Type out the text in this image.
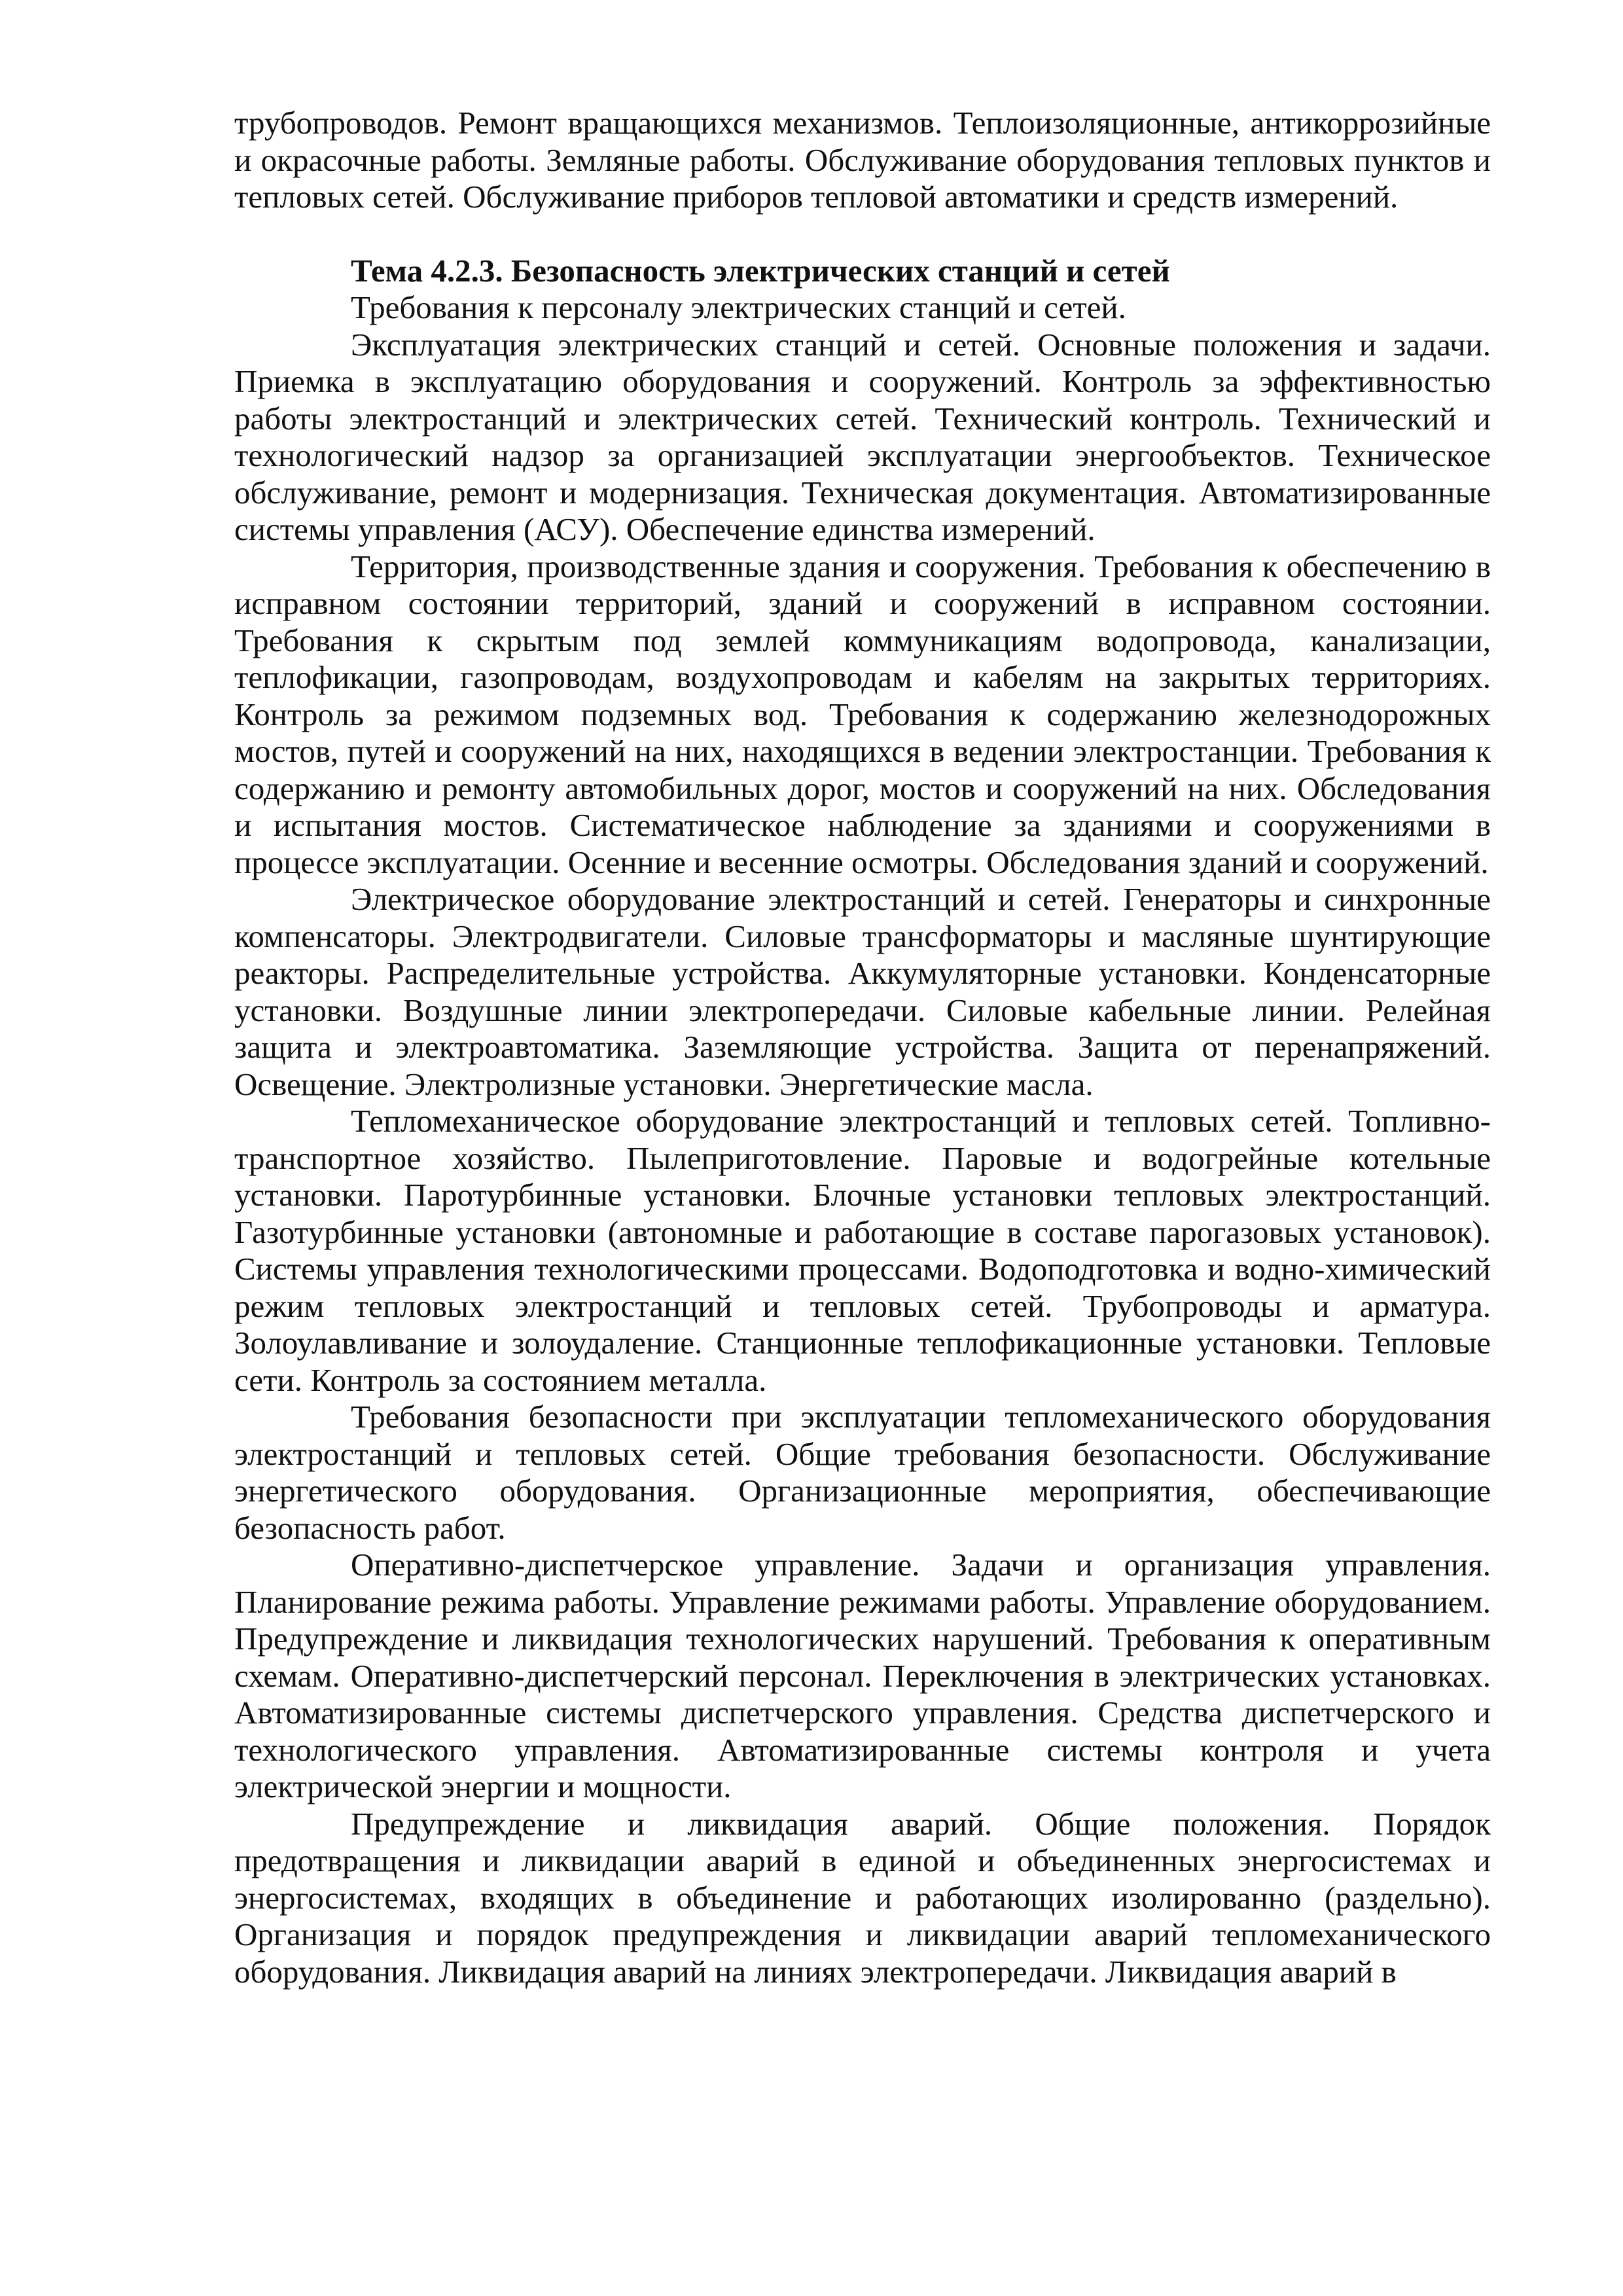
трубопроводов. Ремонт вращающихся механизмов. Теплоизоляционные, антикоррозийные и окрасочные работы. Земляные работы. Обслуживание оборудования тепловых пунктов и тепловых сетей. Обслуживание приборов тепловой автоматики и средств измерений.

Тема 4.2.3. Безопасность электрических станций и сетей

Требования к персоналу электрических станций и сетей.

Эксплуатация электрических станций и сетей. Основные положения и задачи. Приемка в эксплуатацию оборудования и сооружений. Контроль за эффективностью работы электростанций и электрических сетей. Технический контроль. Технический и технологический надзор за организацией эксплуатации энергообъектов. Техническое обслуживание, ремонт и модернизация. Техническая документация. Автоматизированные системы управления (АСУ). Обеспечение единства измерений.

Территория, производственные здания и сооружения. Требования к обеспечению в исправном состоянии территорий, зданий и сооружений в исправном состоянии. Требования к скрытым под землей коммуникациям водопровода, канализации, теплофикации, газопроводам, воздухопроводам и кабелям на закрытых территориях. Контроль за режимом подземных вод. Требования к содержанию железнодорожных мостов, путей и сооружений на них, находящихся в ведении электростанции. Требования к содержанию и ремонту автомобильных дорог, мостов и сооружений на них. Обследования и испытания мостов. Систематическое наблюдение за зданиями и сооружениями в процессе эксплуатации. Осенние и весенние осмотры. Обследования зданий и сооружений.

Электрическое оборудование электростанций и сетей. Генераторы и синхронные компенсаторы. Электродвигатели. Силовые трансформаторы и масляные шунтирующие реакторы. Распределительные устройства. Аккумуляторные установки. Конденсаторные установки. Воздушные линии электропередачи. Силовые кабельные линии. Релейная защита и электроавтоматика. Заземляющие устройства. Защита от перенапряжений. Освещение. Электролизные установки. Энергетические масла.

Тепломеханическое оборудование электростанций и тепловых сетей. Топливно-транспортное хозяйство. Пылеприготовление. Паровые и водогрейные котельные установки. Паротурбинные установки. Блочные установки тепловых электростанций. Газотурбинные установки (автономные и работающие в составе парогазовых установок). Системы управления технологическими процессами. Водоподготовка и водно-химический режим тепловых электростанций и тепловых сетей. Трубопроводы и арматура. Золоулавливание и золоудаление. Станционные теплофикационные установки. Тепловые сети. Контроль за состоянием металла.

Требования безопасности при эксплуатации тепломеханического оборудования электростанций и тепловых сетей. Общие требования безопасности. Обслуживание энергетического оборудования. Организационные мероприятия, обеспечивающие безопасность работ.

Оперативно-диспетчерское управление. Задачи и организация управления. Планирование режима работы. Управление режимами работы. Управление оборудованием. Предупреждение и ликвидация технологических нарушений. Требования к оперативным схемам. Оперативно-диспетчерский персонал. Переключения в электрических установках. Автоматизированные системы диспетчерского управления. Средства диспетчерского и технологического управления. Автоматизированные системы контроля и учета электрической энергии и мощности.

Предупреждение и ликвидация аварий. Общие положения. Порядок предотвращения и ликвидации аварий в единой и объединенных энергосистемах и энергосистемах, входящих в объединение и работающих изолированно (раздельно). Организация и порядок предупреждения и ликвидации аварий тепломеханического оборудования. Ликвидация аварий на линиях электропередачи. Ликвидация аварий в
